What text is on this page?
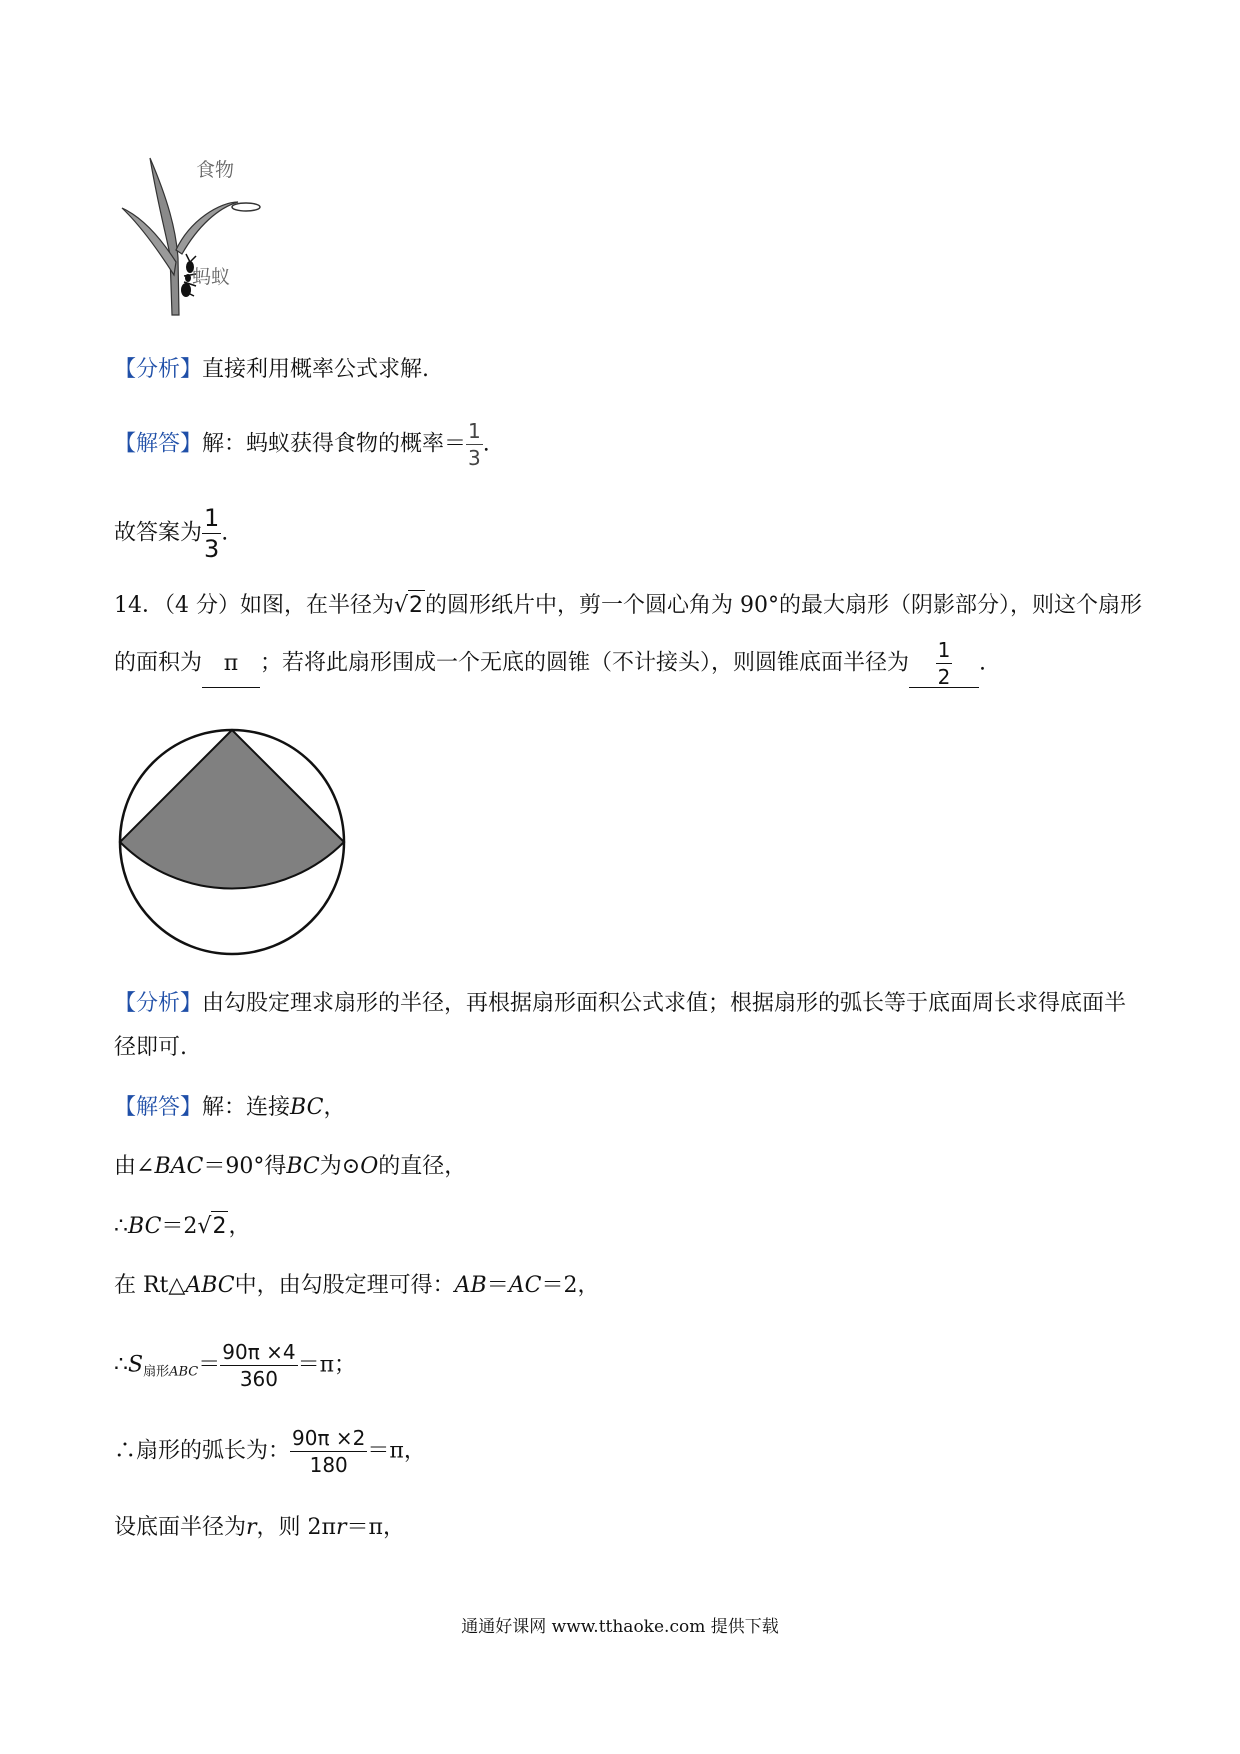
食物
蚂蚁
【分析】直接利用概率公式求解.
【解答】解：蚂蚁获得食物的概率＝ $\frac{1}{3}$ .
故答案为 $\frac{1}{3}$ .
14．（4 分）如图，在半径为√2的圆形纸片中，剪一个圆心角为 90°的最大扇形（阴影部分），则这个扇形
的面积为 π ；若将此扇形围成一个无底的圆锥（不计接头），则圆锥底面半径为 $\frac{1}{2}$ .
【分析】由勾股定理求扇形的半径，再根据扇形面积公式求值；根据扇形的弧长等于底面周长求得底面半
径即可.
【解答】解：连接BC，
由∠BAC＝90°得BC为⊙O的直径，
∴BC＝2√2，
在 Rt△ABC中，由勾股定理可得：AB＝AC＝2，
$\therefore S_{扇形ABC}= \frac{90\pi \times 4}{360} =\pi$；
∴扇形的弧长为： $\frac{90\pi \times 2}{180} =\pi$，
设底面半径为r，则 2πr＝π，
通通好课网 www.tthaoke.com 提供下载
